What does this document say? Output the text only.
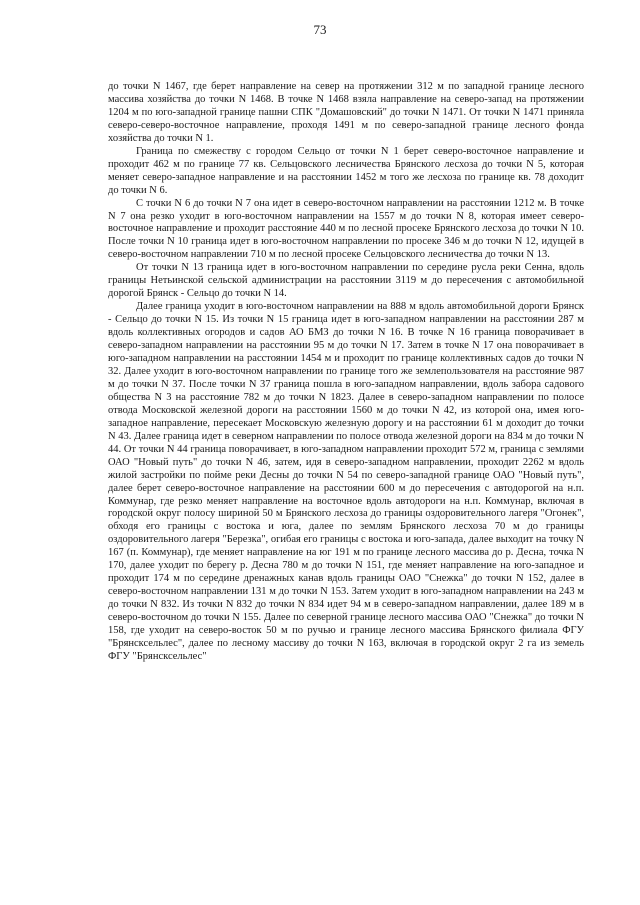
73

до точки N 1467, где берет направление на север на протяжении 312 м по западной границе лесного массива хозяйства до точки N 1468. В точке N 1468 взяла направление на северо-запад на протяжении 1204 м по юго-западной границе пашни СПК "Домашовский" до точки N 1471. От точки N 1471 приняла северо-северо-восточное направление, проходя 1491 м по северо-западной границе лесного фонда хозяйства до точки N 1.

Граница по смежеству с городом Сельцо от точки N 1 берет северо-восточное направление и проходит 462 м по границе 77 кв. Сельцовского лесничества Брянского лесхоза до точки N 5, которая меняет северо-западное направление и на расстоянии 1452 м того же лесхоза по границе кв. 78 доходит до точки N 6.

С точки N 6 до точки N 7 она идет в северо-восточном направлении на расстоянии 1212 м. В точке N 7 она резко уходит в юго-восточном направлении на 1557 м до точки N 8, которая имеет северо-восточное направление и проходит расстояние 440 м по лесной просеке Брянского лесхоза до точки N 10. После точки N 10 граница идет в юго-восточном направлении по просеке 346 м до точки N 12, идущей в северо-восточном направлении 710 м по лесной просеке Сельцовского лесничества до точки N 13.

От точки N 13 граница идет в юго-восточном направлении по середине русла реки Сенна, вдоль границы Нетьинской сельской администрации на расстоянии 3119 м до пересечения с автомобильной дорогой Брянск - Сельцо до точки N 14.

Далее граница уходит в юго-восточном направлении на 888 м вдоль автомобильной дороги Брянск - Сельцо до точки N 15. Из точки N 15 граница идет в юго-западном направлении на расстоянии 287 м вдоль коллективных огородов и садов АО БМЗ до точки N 16. В точке N 16 граница поворачивает в северо-западном направлении на расстоянии 95 м до точки N 17. Затем в точке N 17 она поворачивает в юго-западном направлении на расстоянии 1454 м и проходит по границе коллективных садов до точки N 32. Далее уходит в юго-восточном направлении по границе того же землепользователя на расстояние 987 м до точки N 37. После точки N 37 граница пошла в юго-западном направлении, вдоль забора садового общества N 3 на расстояние 782 м до точки N 1823. Далее в северо-западном направлении по полосе отвода Московской железной дороги на расстоянии 1560 м до точки N 42, из которой она, имея юго-западное направление, пересекает Московскую железную дорогу и на расстоянии 61 м доходит до точки N 43. Далее граница идет в северном направлении по полосе отвода железной дороги на 834 м до точки N 44. От точки N 44 граница поворачивает, в юго-западном направлении проходит 572 м, граница с землями ОАО "Новый путь" до точки N 46, затем, идя в северо-западном направлении, проходит 2262 м вдоль жилой застройки по пойме реки Десны до точки N 54 по северо-западной границе ОАО "Новый путь", далее берет северо-восточное направление на расстоянии 600 м до пересечения с автодорогой на н.п. Коммунар, где резко меняет направление на восточное вдоль автодороги на н.п. Коммунар, включая в городской округ полосу шириной 50 м Брянского лесхоза до границы оздоровительного лагеря "Огонек", обходя его границы с востока и юга, далее по землям Брянского лесхоза 70 м до границы оздоровительного лагеря "Березка", огибая его границы с востока и юго-запада, далее выходит на точку N 167 (п. Коммунар), где меняет направление на юг 191 м по границе лесного массива до р. Десна, точка N 170, далее уходит по берегу р. Десна 780 м до точки N 151, где меняет направление на юго-западное и проходит 174 м по середине дренажных канав вдоль границы ОАО "Снежка" до точки N 152, далее в северо-восточном направлении 131 м до точки N 153. Затем уходит в юго-западном направлении на 243 м до точки N 832. Из точки N 832 до точки N 834 идет 94 м в северо-западном направлении, далее 189 м в северо-восточном до точки N 155. Далее по северной границе лесного массива ОАО "Снежка" до точки N 158, где уходит на северо-восток 50 м по ручью и границе лесного массива Брянского филиала ФГУ "Брянсксельлес", далее по лесному массиву до точки N 163, включая в городской округ 2 га из земель ФГУ "Брянсксельлес"
